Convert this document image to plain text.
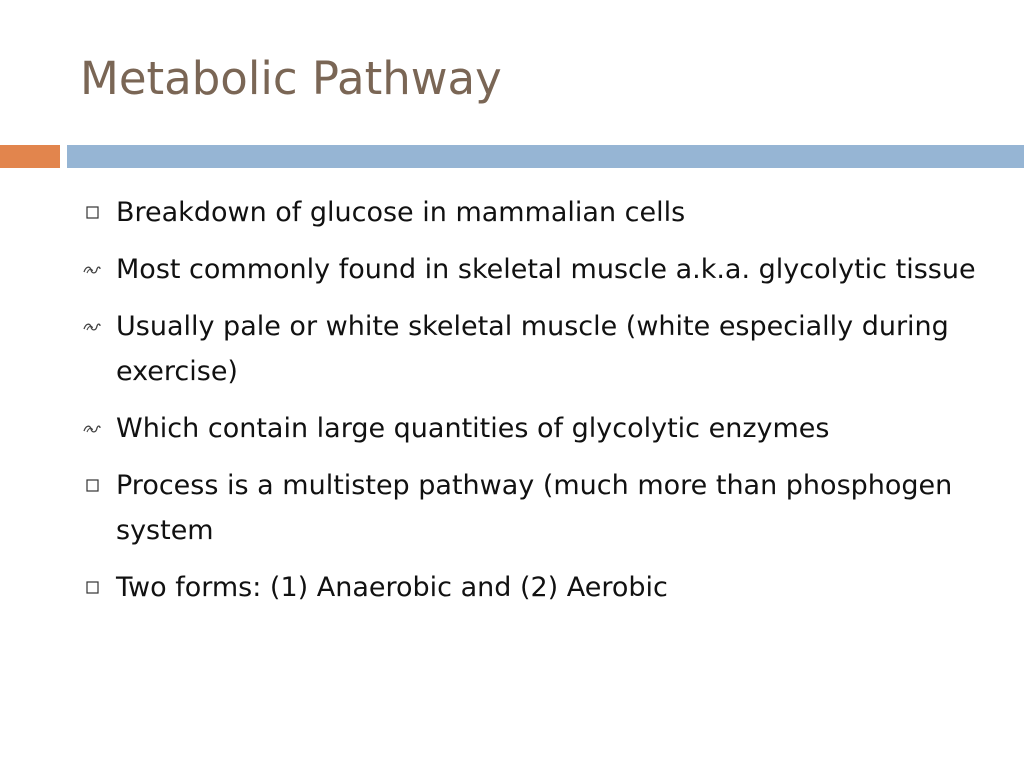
Metabolic Pathway
Breakdown of glucose in mammalian cells
Most commonly found in skeletal muscle a.k.a. glycolytic tissue
Usually pale or white skeletal muscle (white especially during exercise)
Which contain large quantities of glycolytic enzymes
Process is a multistep pathway (much more than phosphogen system
Two forms: (1) Anaerobic and (2) Aerobic
